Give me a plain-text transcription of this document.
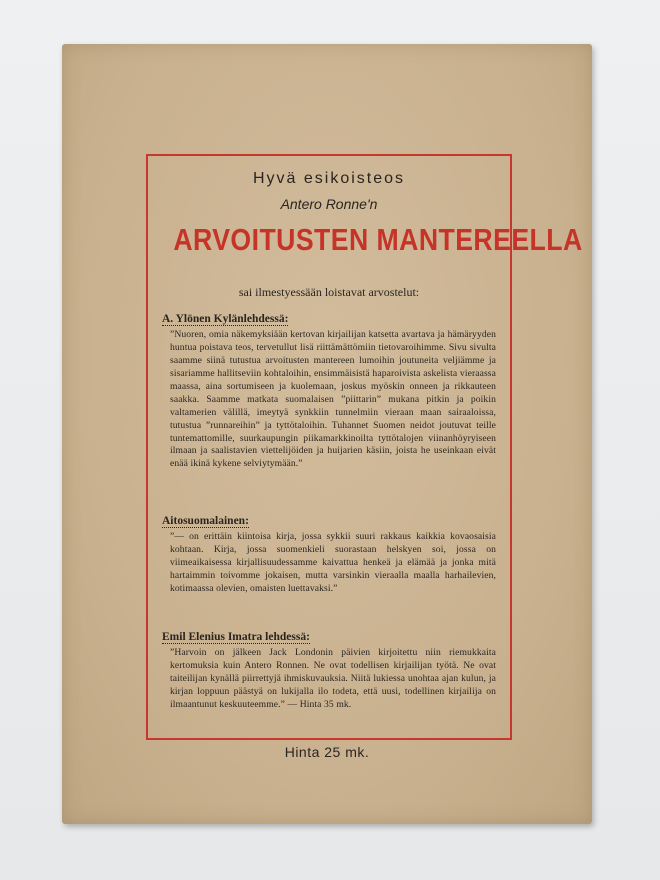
Hyvä esikoisteos
Antero Ronne'n
ARVOITUSTEN MANTEREELLA
sai ilmestyessään loistavat arvostelut:
A. Ylönen Kylänlehdessä:
”Nuoren, omia näkemyksiään kertovan kirjailijan katsetta avartava ja hämäryyden huntua poistava teos, tervetullut lisä riittämättömiin tietovaroihimme. Sivu sivulta saamme siinä tutustua arvoitusten mantereen lumoihin joutuneita veljiämme ja sisariamme hallitseviin kohtaloihin, ensimmäisistä haparoivista askelista vieraassa maassa, aina sortumiseen ja kuolemaan, joskus myöskin onneen ja rikkauteen saakka. Saamme matkata suomalaisen ”piittarin” mukana pitkin ja poikin valtamerien välillä, imeytyä synkkiin tunnelmiin vieraan maan sairaaloissa, tutustua ”runnareihin” ja tyttötaloihin. Tuhannet Suomen neidot joutuvat teille tuntemattomille, suurkaupungin piikamarkkinoilta tyttötalojen viinanhöyryiseen ilmaan ja saalistavien viettelijöiden ja huijarien käsiin, joista he useinkaan eivät enää ikinä kykene selviytymään.”
Aitosuomalainen:
”— on erittäin kiintoisa kirja, jossa sykkii suuri rakkaus kaikkia kovaosaisia kohtaan. Kirja, jossa suomenkieli suorastaan helskyen soi, jossa on viimeaikaisessa kirjallisuudessamme kaivattua henkeä ja elämää ja jonka mitä hartaimmin toivomme jokaisen, mutta varsinkin vieraalla maalla harhailevien, kotimaassa olevien, omaisten luettavaksi.”
Emil Elenius Imatra lehdessä:
”Harvoin on jälkeen Jack Londonin päivien kirjoitettu niin riemukkaita kertomuksia kuin Antero Ronnen. Ne ovat todellisen kirjailijan työtä. Ne ovat taiteilijan kynällä piirrettyjä ihmiskuvauksia. Niitä lukiessa unohtaa ajan kulun, ja kirjan loppuun päästyä on lukijalla ilo todeta, että uusi, todellinen kirjailija on ilmaantunut keskuuteemme.” — Hinta 35 mk.
Hinta 25 mk.
